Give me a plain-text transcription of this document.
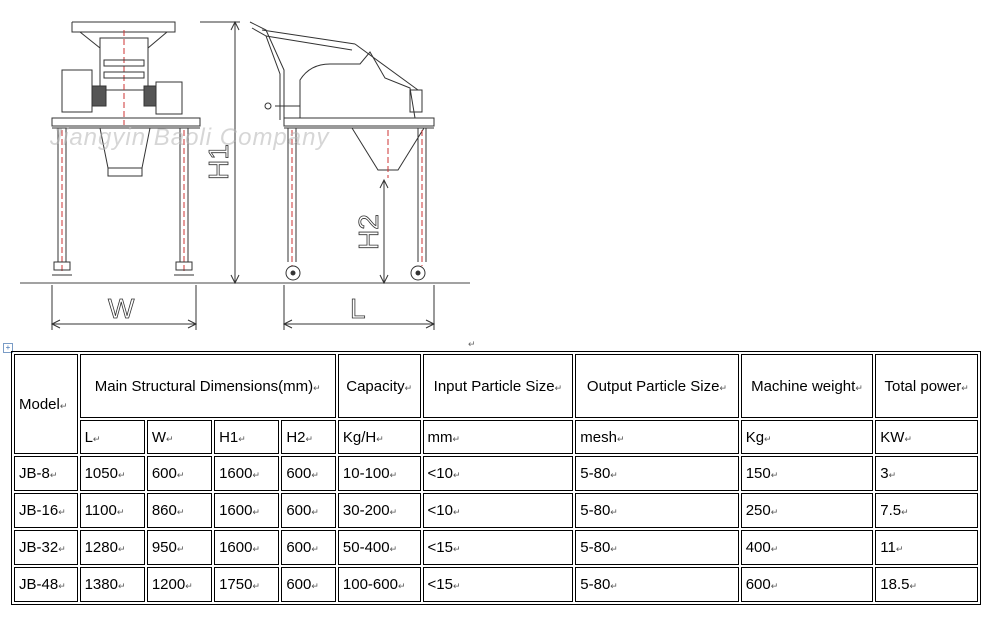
H1
H2
W	L
Jiangyin Baoli Company
+	↵
Model↵	Main Structural Dimensions(mm)↵				Capacity↵	Input Particle Size↵	Output Particle Size↵	Machine weight↵	Total power↵
	L↵	W↵	H1↵	H2↵	Kg/H↵	mm↵	mesh↵	Kg↵	KW↵
JB-8↵	1050↵	600↵	1600↵	600↵	10-100↵	<10↵	5-80↵	150↵	3↵
JB-16↵	1100↵	860↵	1600↵	600↵	30-200↵	<10↵	5-80↵	250↵	7.5↵
JB-32↵	1280↵	950↵	1600↵	600↵	50-400↵	<15↵	5-80↵	400↵	11↵
JB-48↵	1380↵	1200↵	1750↵	600↵	100-600↵	<15↵	5-80↵	600↵	18.5↵
